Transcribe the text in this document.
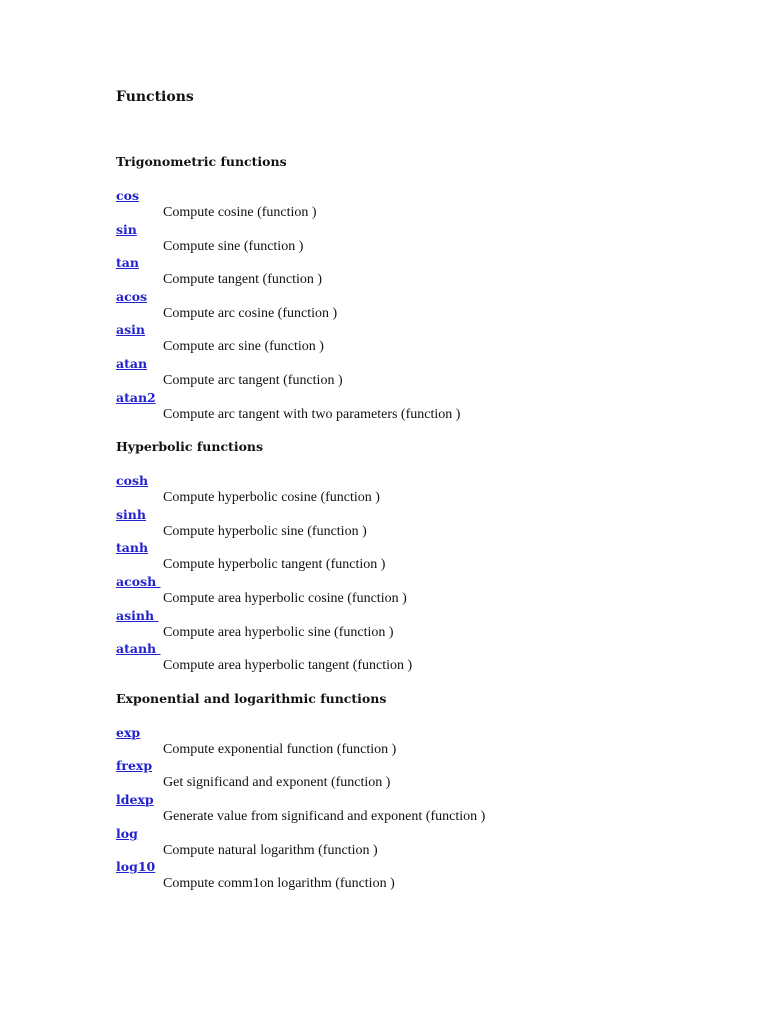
Functions
Trigonometric functions
cos
Compute cosine (function )
sin
Compute sine (function )
tan
Compute tangent (function )
acos
Compute arc cosine (function )
asin
Compute arc sine (function )
atan
Compute arc tangent (function )
atan2
Compute arc tangent with two parameters (function )
Hyperbolic functions
cosh
Compute hyperbolic cosine (function )
sinh
Compute hyperbolic sine (function )
tanh
Compute hyperbolic tangent (function )
acosh
Compute area hyperbolic cosine (function )
asinh
Compute area hyperbolic sine (function )
atanh
Compute area hyperbolic tangent (function )
Exponential and logarithmic functions
exp
Compute exponential function (function )
frexp
Get significand and exponent (function )
ldexp
Generate value from significand and exponent (function )
log
Compute natural logarithm (function )
log10
Compute comm1on logarithm (function )
